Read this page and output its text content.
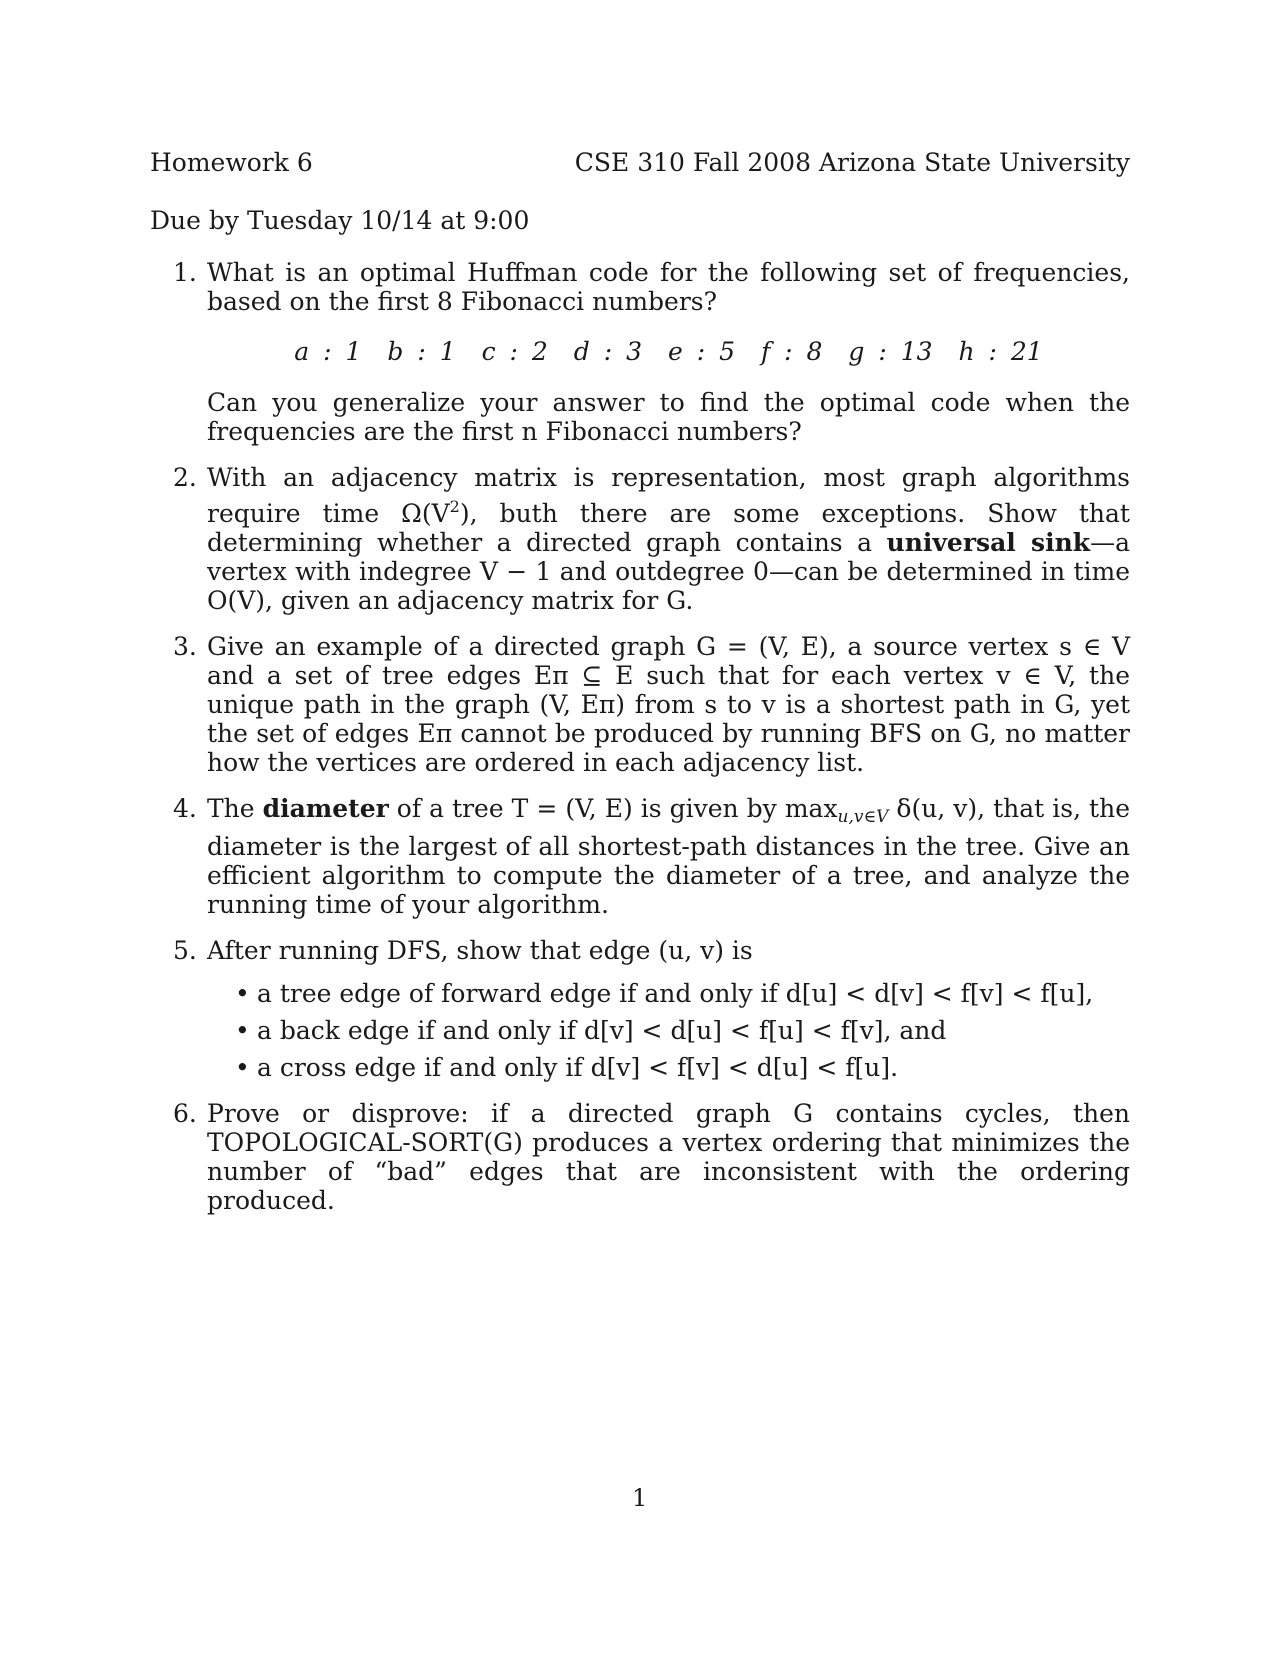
Homework 6	CSE 310 Fall 2008 Arizona State University
Due by Tuesday 10/14 at 9:00
1. What is an optimal Huffman code for the following set of frequencies, based on the first 8 Fibonacci numbers?
a : 1 b : 1 c : 2 d : 3 e : 5 f : 8 g : 13 h : 21
Can you generalize your answer to find the optimal code when the frequencies are the first n Fibonacci numbers?
2. With an adjacency matrix is representation, most graph algorithms require time $\Omega(V^2)$, buth there are some exceptions. Show that determining whether a directed graph contains a universal sink—a vertex with indegree V − 1 and outdegree 0—can be determined in time O(V), given an adjacency matrix for G.
3. Give an example of a directed graph G = (V, E), a source vertex s ∈ V and a set of tree edges Eπ ⊆ E such that for each vertex v ∈ V, the unique path in the graph (V, Eπ) from s to v is a shortest path in G, yet the set of edges Eπ cannot be produced by running BFS on G, no matter how the vertices are ordered in each adjacency list.
4. The diameter of a tree T = (V, E) is given by $\max_{u,v\in V} \delta(u$, v), that is, the diameter is the largest of all shortest-path distances in the tree. Give an efficient algorithm to compute the diameter of a tree, and analyze the running time of your algorithm.
5. After running DFS, show that edge (u, v) is
• a tree edge of forward edge if and only if d[u] < d[v] < f[v] < f[u],
• a back edge if and only if d[v] < d[u] < f[u] < f[v], and
• a cross edge if and only if d[v] < f[v] < d[u] < f[u].
6. Prove or disprove: if a directed graph G contains cycles, then TOPOLOGICAL-SORT(G) produces a vertex ordering that minimizes the number of “bad” edges that are inconsistent with the ordering produced.
1
